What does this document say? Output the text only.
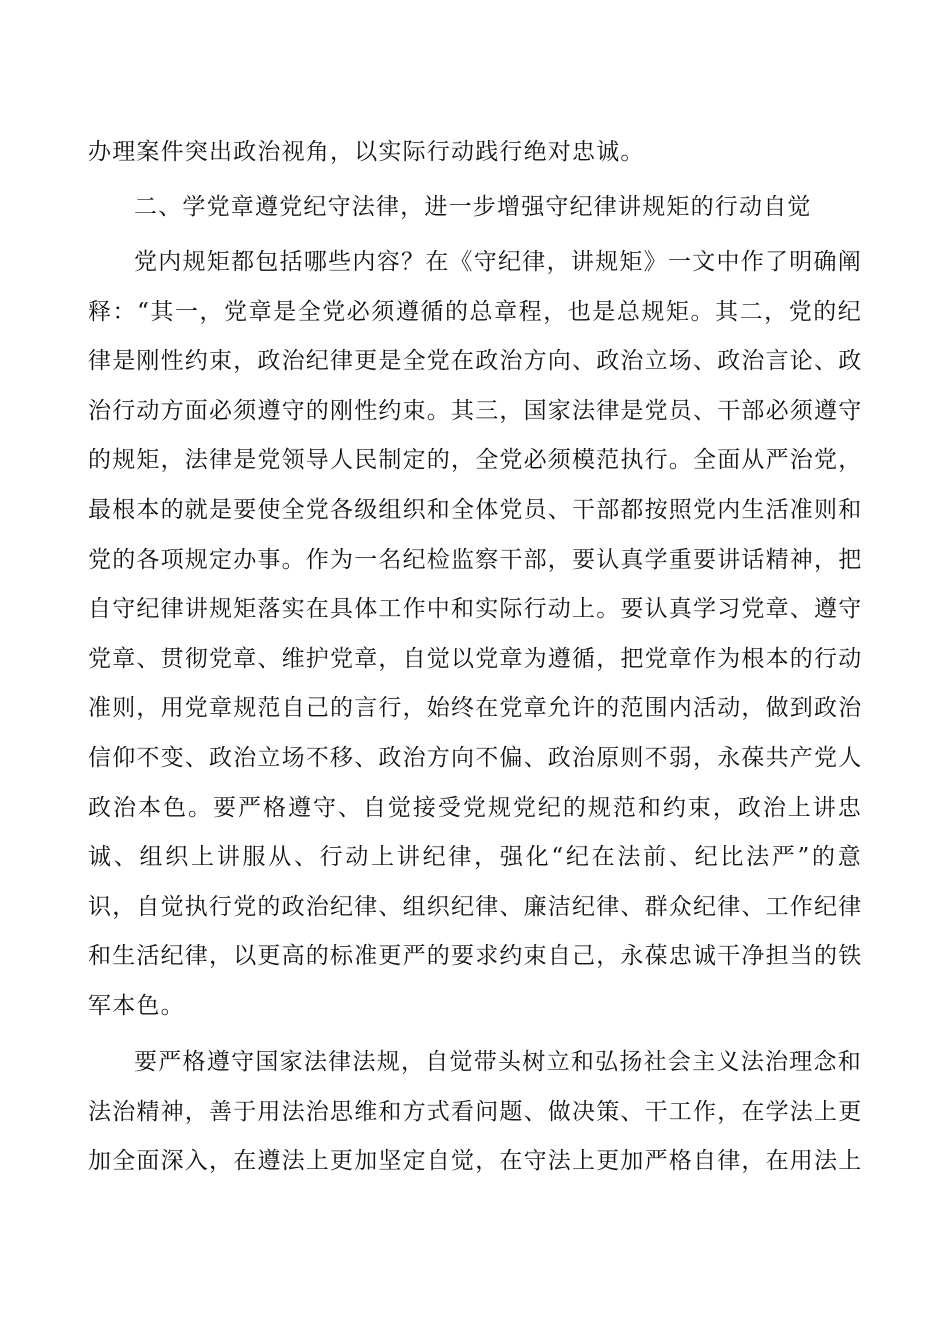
办理案件突出政治视角，以实际行动践行绝对忠诚。
二、学党章遵党纪守法律，进一步增强守纪律讲规矩的行动自觉
党内规矩都包括哪些内容？在《守纪律，讲规矩》一文中作了明确阐
释：“其一，党章是全党必须遵循的总章程，也是总规矩。其二，党的纪
律是刚性约束，政治纪律更是全党在政治方向、政治立场、政治言论、政
治行动方面必须遵守的刚性约束。其三，国家法律是党员、干部必须遵守
的规矩，法律是党领导人民制定的，全党必须模范执行。全面从严治党，
最根本的就是要使全党各级组织和全体党员、干部都按照党内生活准则和
党的各项规定办事。作为一名纪检监察干部，要认真学重要讲话精神，把
自守纪律讲规矩落实在具体工作中和实际行动上。要认真学习党章、遵守
党章、贯彻党章、维护党章，自觉以党章为遵循，把党章作为根本的行动
准则，用党章规范自己的言行，始终在党章允许的范围内活动，做到政治
信仰不变、政治立场不移、政治方向不偏、政治原则不弱，永葆共产党人
政治本色。要严格遵守、自觉接受党规党纪的规范和约束，政治上讲忠
诚、组织上讲服从、行动上讲纪律，强化“纪在法前、纪比法严”的意
识，自觉执行党的政治纪律、组织纪律、廉洁纪律、群众纪律、工作纪律
和生活纪律，以更高的标准更严的要求约束自己，永葆忠诚干净担当的铁
军本色。
要严格遵守国家法律法规，自觉带头树立和弘扬社会主义法治理念和
法治精神，善于用法治思维和方式看问题、做决策、干工作，在学法上更
加全面深入，在遵法上更加坚定自觉，在守法上更加严格自律，在用法上
